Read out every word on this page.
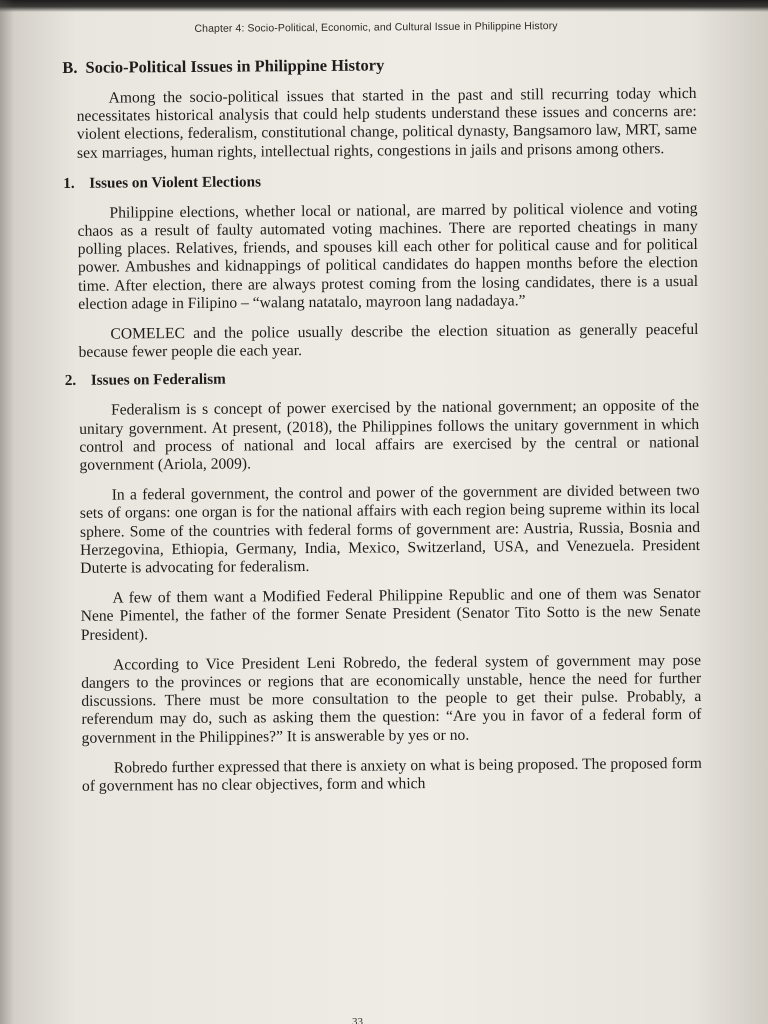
Chapter 4: Socio-Political, Economic, and Cultural Issue in Philippine History
B. Socio-Political Issues in Philippine History

Among the socio-political issues that started in the past and still recurring today which necessitates historical analysis that could help students understand these issues and concerns are: violent elections, federalism, constitutional change, political dynasty, Bangsamoro law, MRT, same sex marriages, human rights, intellectual rights, congestions in jails and prisons among others.

1. Issues on Violent Elections

Philippine elections, whether local or national, are marred by political violence and voting chaos as a result of faulty automated voting machines. There are reported cheatings in many polling places. Relatives, friends, and spouses kill each other for political cause and for political power. Ambushes and kidnappings of political candidates do happen months before the election time. After election, there are always protest coming from the losing candidates, there is a usual election adage in Filipino – “walang natatalo, mayroon lang nadadaya.”

COMELEC and the police usually describe the election situation as generally peaceful because fewer people die each year.

2. Issues on Federalism

Federalism is s concept of power exercised by the national government; an opposite of the unitary government. At present, (2018), the Philippines follows the unitary government in which control and process of national and local affairs are exercised by the central or national government (Ariola, 2009).

In a federal government, the control and power of the government are divided between two sets of organs: one organ is for the national affairs with each region being supreme within its local sphere. Some of the countries with federal forms of government are: Austria, Russia, Bosnia and Herzegovina, Ethiopia, Germany, India, Mexico, Switzerland, USA, and Venezuela. President Duterte is advocating for federalism.

A few of them want a Modified Federal Philippine Republic and one of them was Senator Nene Pimentel, the father of the former Senate President (Senator Tito Sotto is the new Senate President).

According to Vice President Leni Robredo, the federal system of government may pose dangers to the provinces or regions that are economically unstable, hence the need for further discussions. There must be more consultation to the people to get their pulse. Probably, a referendum may do, such as asking them the question: “Are you in favor of a federal form of government in the Philippines?” It is answerable by yes or no.

Robredo further expressed that there is anxiety on what is being proposed. The proposed form of government has no clear objectives, form and which

33
